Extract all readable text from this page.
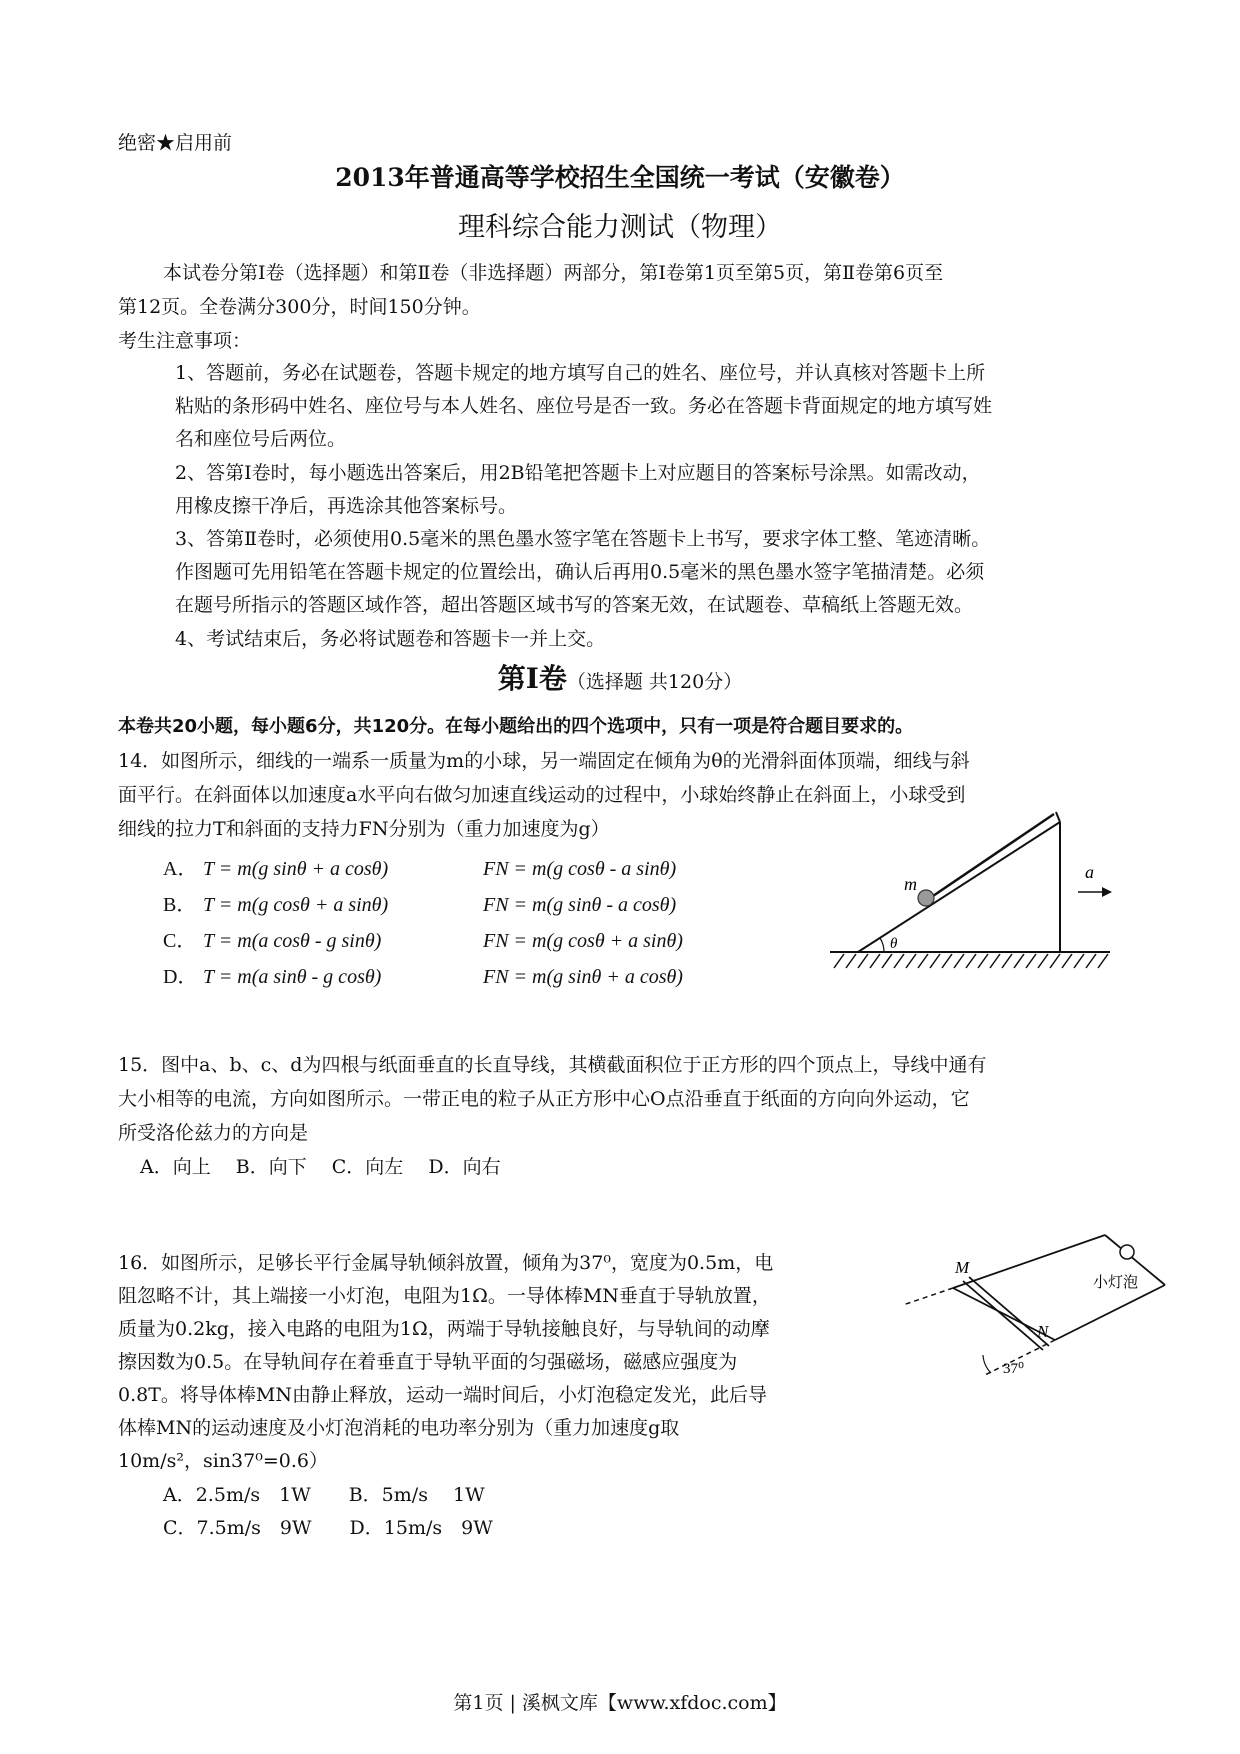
绝密★启用前
2013年普通高等学校招生全国统一考试（安徽卷）
理科综合能力测试（物理）
本试卷分第Ⅰ卷（选择题）和第Ⅱ卷（非选择题）两部分，第Ⅰ卷第1页至第5页，第Ⅱ卷第6页至
第12页。全卷满分300分，时间150分钟。
考生注意事项：
1、答题前，务必在试题卷，答题卡规定的地方填写自己的姓名、座位号，并认真核对答题卡上所
粘贴的条形码中姓名、座位号与本人姓名、座位号是否一致。务必在答题卡背面规定的地方填写姓
名和座位号后两位。
2、答第Ⅰ卷时，每小题选出答案后，用2B铅笔把答题卡上对应题目的答案标号涂黑。如需改动，
用橡皮擦干净后，再选涂其他答案标号。
3、答第Ⅱ卷时，必须使用0.5毫米的黑色墨水签字笔在答题卡上书写，要求字体工整、笔迹清晰。
作图题可先用铅笔在答题卡规定的位置绘出，确认后再用0.5毫米的黑色墨水签字笔描清楚。必须
在题号所指示的答题区域作答，超出答题区域书写的答案无效，在试题卷、草稿纸上答题无效。
4、考试结束后，务必将试题卷和答题卡一并上交。
第Ⅰ卷（选择题 共120分）
本卷共20小题，每小题6分，共120分。在每小题给出的四个选项中，只有一项是符合题目要求的。
14．如图所示，细线的一端系一质量为m的小球，另一端固定在倾角为θ的光滑斜面体顶端，细线与斜
面平行。在斜面体以加速度a水平向右做匀加速直线运动的过程中，小球始终静止在斜面上，小球受到
细线的拉力T和斜面的支持力FN分别为（重力加速度为g）
A． T = m(g sinθ + a cosθ)	FN = m(g cosθ - a sinθ)
B． T = m(g cosθ + a sinθ)	FN = m(g sinθ - a cosθ)
C． T = m(a cosθ - g sinθ)	FN = m(g cosθ + a sinθ)
D． T = m(a sinθ - g cosθ)	FN = m(g sinθ + a cosθ)
m
θ
a
15．图中a、b、c、d为四根与纸面垂直的长直导线，其横截面积位于正方形的四个顶点上，导线中通有
大小相等的电流，方向如图所示。一带正电的粒子从正方形中心O点沿垂直于纸面的方向向外运动，它
所受洛伦兹力的方向是
A．向上　 B．向下　 C．向左　 D．向右
16．如图所示，足够长平行金属导轨倾斜放置，倾角为37⁰，宽度为0.5m，电
阻忽略不计，其上端接一小灯泡，电阻为1Ω。一导体棒MN垂直于导轨放置，
质量为0.2kg，接入电路的电阻为1Ω，两端于导轨接触良好，与导轨间的动摩
擦因数为0.5。在导轨间存在着垂直于导轨平面的匀强磁场，磁感应强度为
0.8T。将导体棒MN由静止释放，运动一端时间后，小灯泡稳定发光，此后导
体棒MN的运动速度及小灯泡消耗的电功率分别为（重力加速度g取
10m/s²，sin37⁰=0.6）
A．2.5m/s　1W　　B．5m/s　 1W
C．7.5m/s　9W　　D．15m/s　9W
M
N
小灯泡
37⁰
第1页 | 溪枫文库【www.xfdoc.com】
